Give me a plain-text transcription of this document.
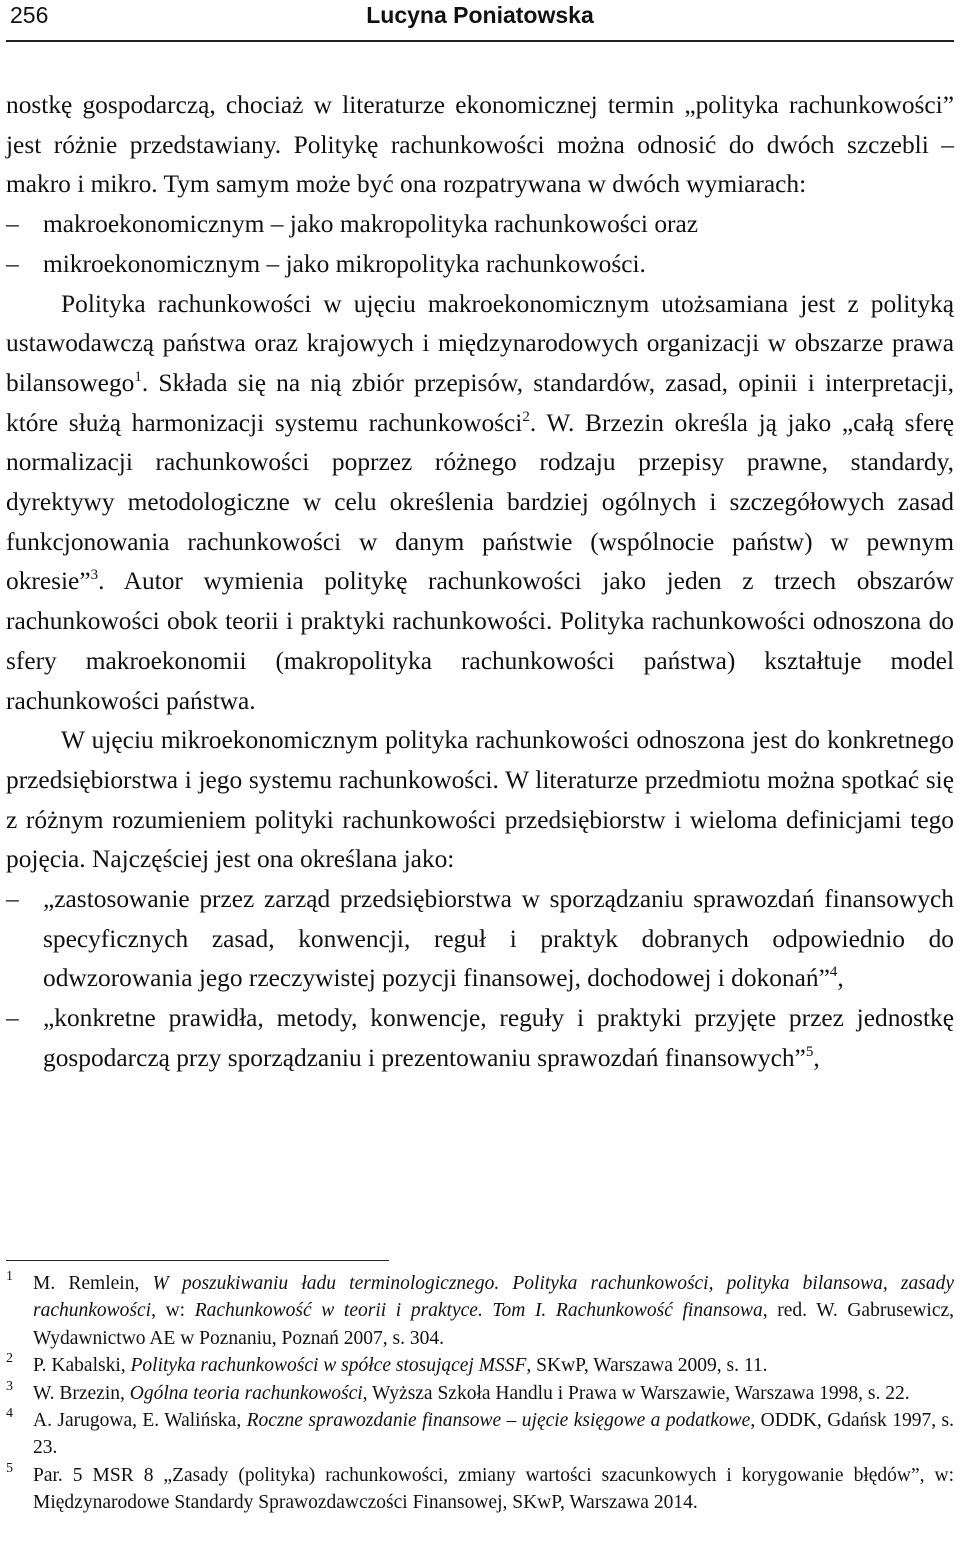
256	Lucyna Poniatowska

nostkę gospodarczą, chociaż w literaturze ekonomicznej termin „polityka rachunkowości” jest różnie przedstawiany. Politykę rachunkowości można odnosić do dwóch szczebli – makro i mikro. Tym samym może być ona rozpatrywana w dwóch wymiarach:

– makroekonomicznym – jako makropolityka rachunkowości oraz
– mikroekonomicznym – jako mikropolityka rachunkowości.

Polityka rachunkowości w ujęciu makroekonomicznym utożsamiana jest z polityką ustawodawczą państwa oraz krajowych i międzynarodowych organizacji w obszarze prawa bilansowego$^1$. Składa się na nią zbiór przepisów, standardów, zasad, opinii i interpretacji, które służą harmonizacji systemu rachunkowości$^2$. W. Brzezin określa ją jako „całą sferę normalizacji rachunkowości poprzez różnego rodzaju przepisy prawne, standardy, dyrektywy metodologiczne w celu określenia bardziej ogólnych i szczegółowych zasad funkcjonowania rachunkowości w danym państwie (wspólnocie państw) w pewnym okresie”$^3$. Autor wymienia politykę rachunkowości jako jeden z trzech obszarów rachunkowości obok teorii i praktyki rachunkowości. Polityka rachunkowości odnoszona do sfery makroekonomii (makropolityka rachunkowości państwa) kształtuje model rachunkowości państwa.

W ujęciu mikroekonomicznym polityka rachunkowości odnoszona jest do konkretnego przedsiębiorstwa i jego systemu rachunkowości. W literaturze przedmiotu można spotkać się z różnym rozumieniem polityki rachunkowości przedsiębiorstw i wieloma definicjami tego pojęcia. Najczęściej jest ona określana jako:

– „zastosowanie przez zarząd przedsiębiorstwa w sporządzaniu sprawozdań finansowych specyficznych zasad, konwencji, reguł i praktyk dobranych odpowiednio do odwzorowania jego rzeczywistej pozycji finansowej, dochodowej i dokonań”$^4$,
– „konkretne prawidła, metody, konwencje, reguły i praktyki przyjęte przez jednostkę gospodarczą przy sporządzaniu i prezentowaniu sprawozdań finansowych”$^5$,
1 M. Remlein, W poszukiwaniu ładu terminologicznego. Polityka rachunkowości, polityka bilansowa, zasady rachunkowości, w: Rachunkowość w teorii i praktyce. Tom I. Rachunkowość finansowa, red. W. Gabrusewicz, Wydawnictwo AE w Poznaniu, Poznań 2007, s. 304.
2 P. Kabalski, Polityka rachunkowości w spółce stosującej MSSF, SKwP, Warszawa 2009, s. 11.
3 W. Brzezin, Ogólna teoria rachunkowości, Wyższa Szkoła Handlu i Prawa w Warszawie, Warszawa 1998, s. 22.
4 A. Jarugowa, E. Walińska, Roczne sprawozdanie finansowe – ujęcie księgowe a podatkowe, ODDK, Gdańsk 1997, s. 23.
5 Par. 5 MSR 8 „Zasady (polityka) rachunkowości, zmiany wartości szacunkowych i korygowanie błędów”, w: Międzynarodowe Standardy Sprawozdawczości Finansowej, SKwP, Warszawa 2014.
